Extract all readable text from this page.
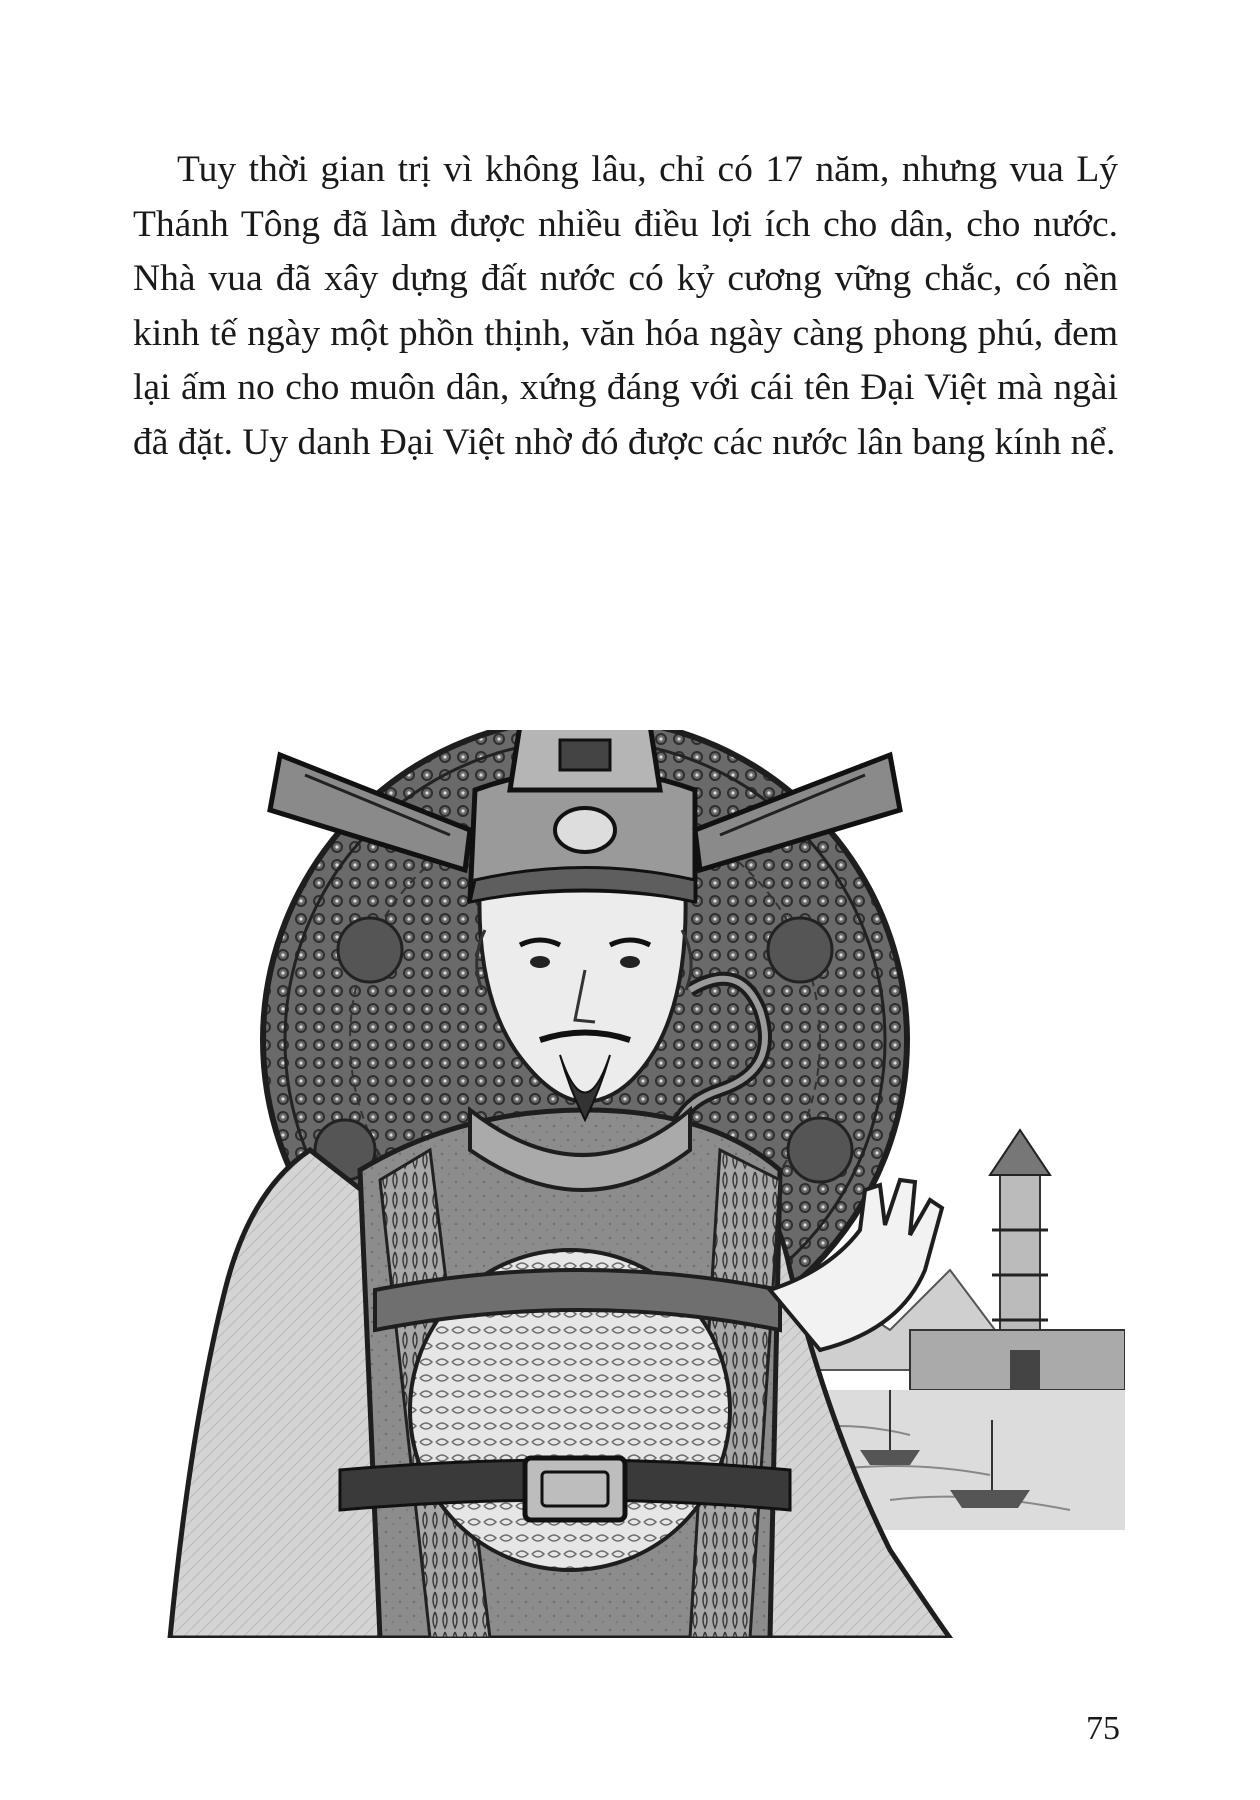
Tuy thời gian trị vì không lâu, chỉ có 17 năm, nhưng vua Lý Thánh Tông đã làm được nhiều điều lợi ích cho dân, cho nước. Nhà vua đã xây dựng đất nước có kỷ cương vững chắc, có nền kinh tế ngày một phồn thịnh, văn hóa ngày càng phong phú, đem lại ấm no cho muôn dân, xứng đáng với cái tên Đại Việt mà ngài đã đặt. Uy danh Đại Việt nhờ đó được các nước lân bang kính nể.

75
